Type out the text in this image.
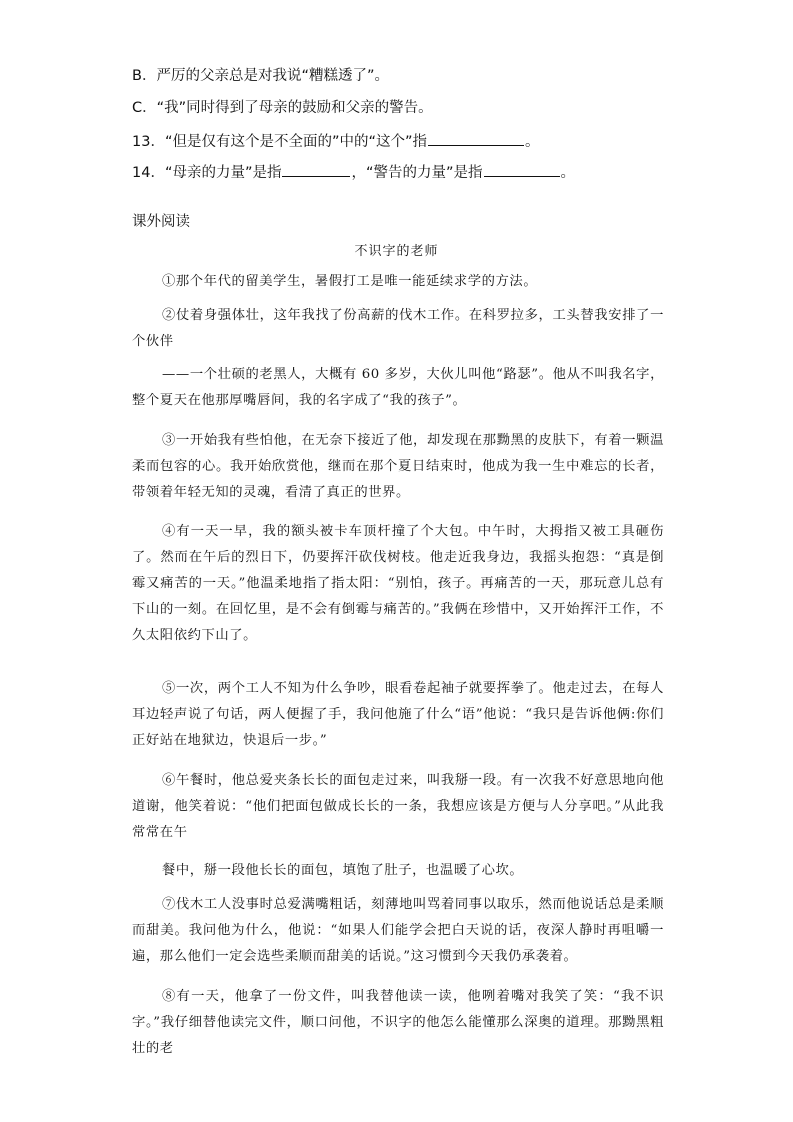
B．严厉的父亲总是对我说“糟糕透了”。
C．“我”同时得到了母亲的鼓励和父亲的警告。
13．“但是仅有这个是不全面的”中的“这个”指	。
14．“母亲的力量”是指	，“警告的力量”是指	。
课外阅读
不识字的老师
①那个年代的留美学生，暑假打工是唯一能延续求学的方法。
②仗着身强体壮，这年我找了份高薪的伐木工作。在科罗拉多，工头替我安排了一个伙伴
——一个壮硕的老黑人，大概有 60 多岁，大伙儿叫他“路瑟”。他从不叫我名字，整个夏天在他那厚嘴唇间，我的名字成了“我的孩子”。
③一开始我有些怕他，在无奈下接近了他，却发现在那黝黑的皮肤下，有着一颗温柔而包容的心。我开始欣赏他，继而在那个夏日结束时，他成为我一生中难忘的长者，带领着年轻无知的灵魂，看清了真正的世界。
④有一天一早，我的额头被卡车顶杆撞了个大包。中午时，大拇指又被工具砸伤了。然而在午后的烈日下，仍要挥汗砍伐树枝。他走近我身边，我摇头抱怨：“真是倒霉又痛苦的一天。”他温柔地指了指太阳：“别怕，孩子。再痛苦的一天，那玩意儿总有下山的一刻。在回忆里，是不会有倒霉与痛苦的。”我俩在珍惜中，又开始挥汗工作，不久太阳依约下山了。
⑤一次，两个工人不知为什么争吵，眼看卷起袖子就要挥拳了。他走过去，在每人耳边轻声说了句话，两人便握了手，我问他施了什么“语”他说：“我只是告诉他俩:你们正好站在地狱边，快退后一步。”
⑥午餐时，他总爱夹条长长的面包走过来，叫我掰一段。有一次我不好意思地向他道谢，他笑着说：“他们把面包做成长长的一条，我想应该是方便与人分享吧。”从此我常常在午
餐中，掰一段他长长的面包，填饱了肚子，也温暖了心坎。
⑦伐木工人没事时总爱满嘴粗话，刻薄地叫骂着同事以取乐，然而他说话总是柔顺而甜美。我问他为什么，他说：“如果人们能学会把白天说的话，夜深人静时再咀嚼一遍，那么他们一定会选些柔顺而甜美的话说。”这习惯到今天我仍承袭着。
⑧有一天，他拿了一份文件，叫我替他读一读，他咧着嘴对我笑了笑：“我不识字。”我仔细替他读完文件，顺口问他，不识字的他怎么能懂那么深奥的道理。那黝黑粗壮的老
